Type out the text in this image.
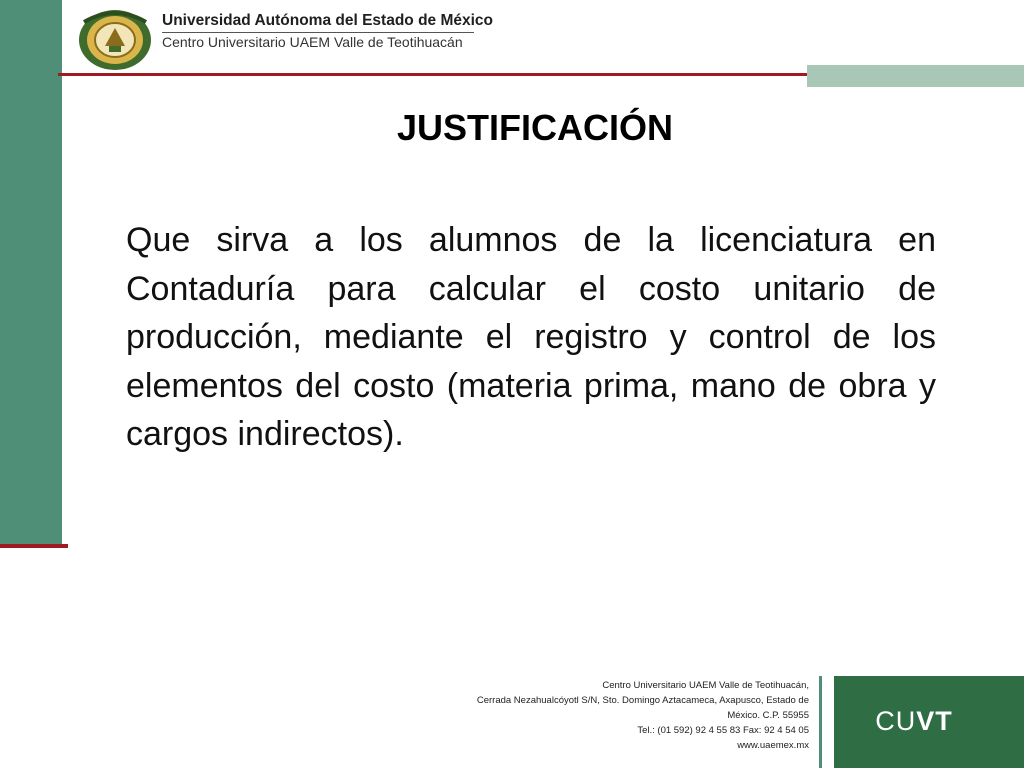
Universidad Autónoma del Estado de México
Centro Universitario UAEM Valle de Teotihuacán
JUSTIFICACIÓN

Que sirva a los alumnos de la licenciatura en Contaduría para calcular el costo unitario de producción, mediante el registro y control de los elementos del costo (materia prima, mano de obra y cargos indirectos).

Centro Universitario UAEM Valle de Teotihuacán,
Cerrada Nezahualcóyotl S/N, Sto. Domingo Aztacameca, Axapusco, Estado de
México. C.P. 55955
Tel.: (01 592) 92 4 55 83 Fax: 92 4 54 05
www.uaemex.mx
CUVT
